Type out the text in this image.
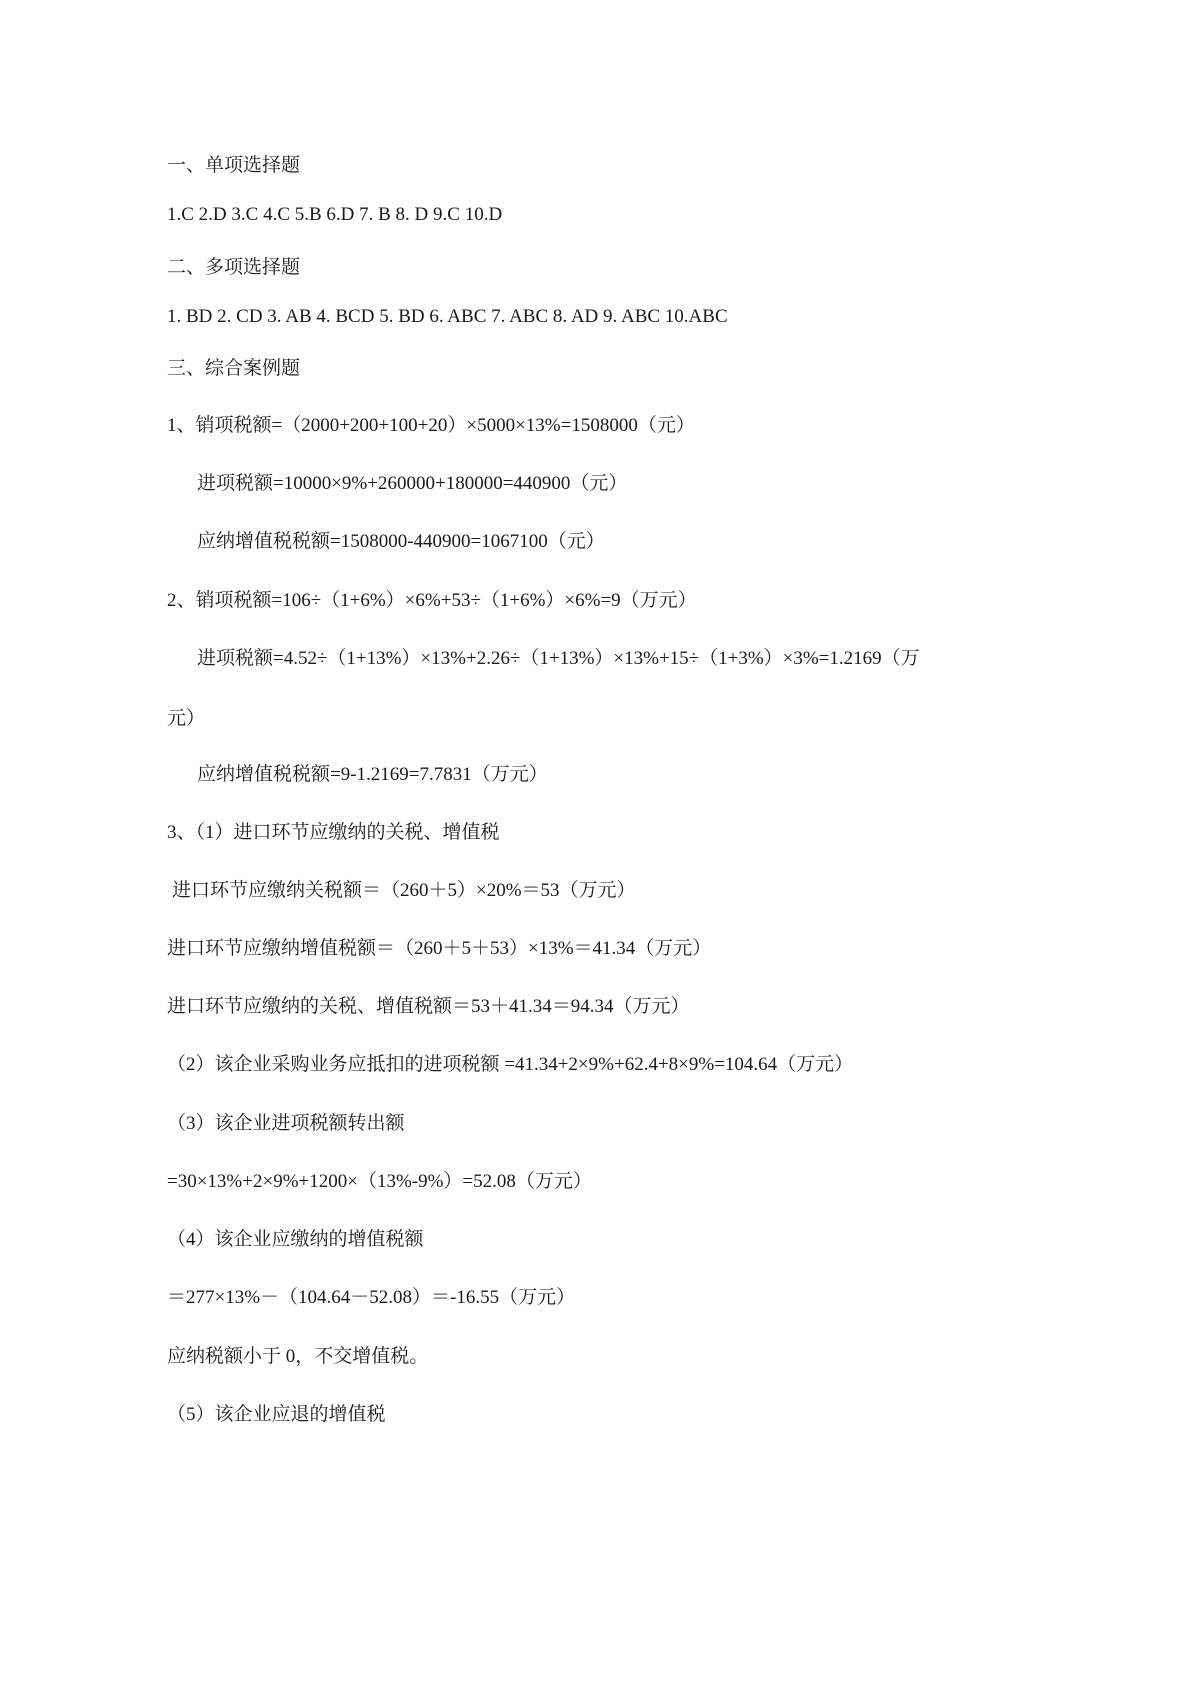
一、单项选择题
1.C 2.D 3.C 4.C 5.B 6.D 7. B 8. D 9.C 10.D
二、多项选择题
1. BD 2. CD 3. AB 4. BCD 5. BD 6. ABC 7. ABC 8. AD 9. ABC 10.ABC
三、综合案例题
1、销项税额=（2000+200+100+20）×5000×13%=1508000（元）
进项税额=10000×9%+260000+180000=440900（元）
应纳增值税税额=1508000-440900=1067100（元）
2、销项税额=106÷（1+6%）×6%+53÷（1+6%）×6%=9（万元）
进项税额=4.52÷（1+13%）×13%+2.26÷（1+13%）×13%+15÷（1+3%）×3%=1.2169（万
元）
应纳增值税税额=9-1.2169=7.7831（万元）
3、（1）进口环节应缴纳的关税、增值税
进口环节应缴纳关税额＝（260＋5）×20%＝53（万元）
进口环节应缴纳增值税额＝（260＋5＋53）×13%＝41.34（万元）
进口环节应缴纳的关税、增值税额＝53＋41.34＝94.34（万元）
（2）该企业采购业务应抵扣的进项税额 =41.34+2×9%+62.4+8×9%=104.64（万元）
（3）该企业进项税额转出额
=30×13%+2×9%+1200×（13%-9%）=52.08（万元）
（4）该企业应缴纳的增值税额
＝277×13%－（104.64－52.08）＝-16.55（万元）
应纳税额小于 0，不交增值税。
（5）该企业应退的增值税
